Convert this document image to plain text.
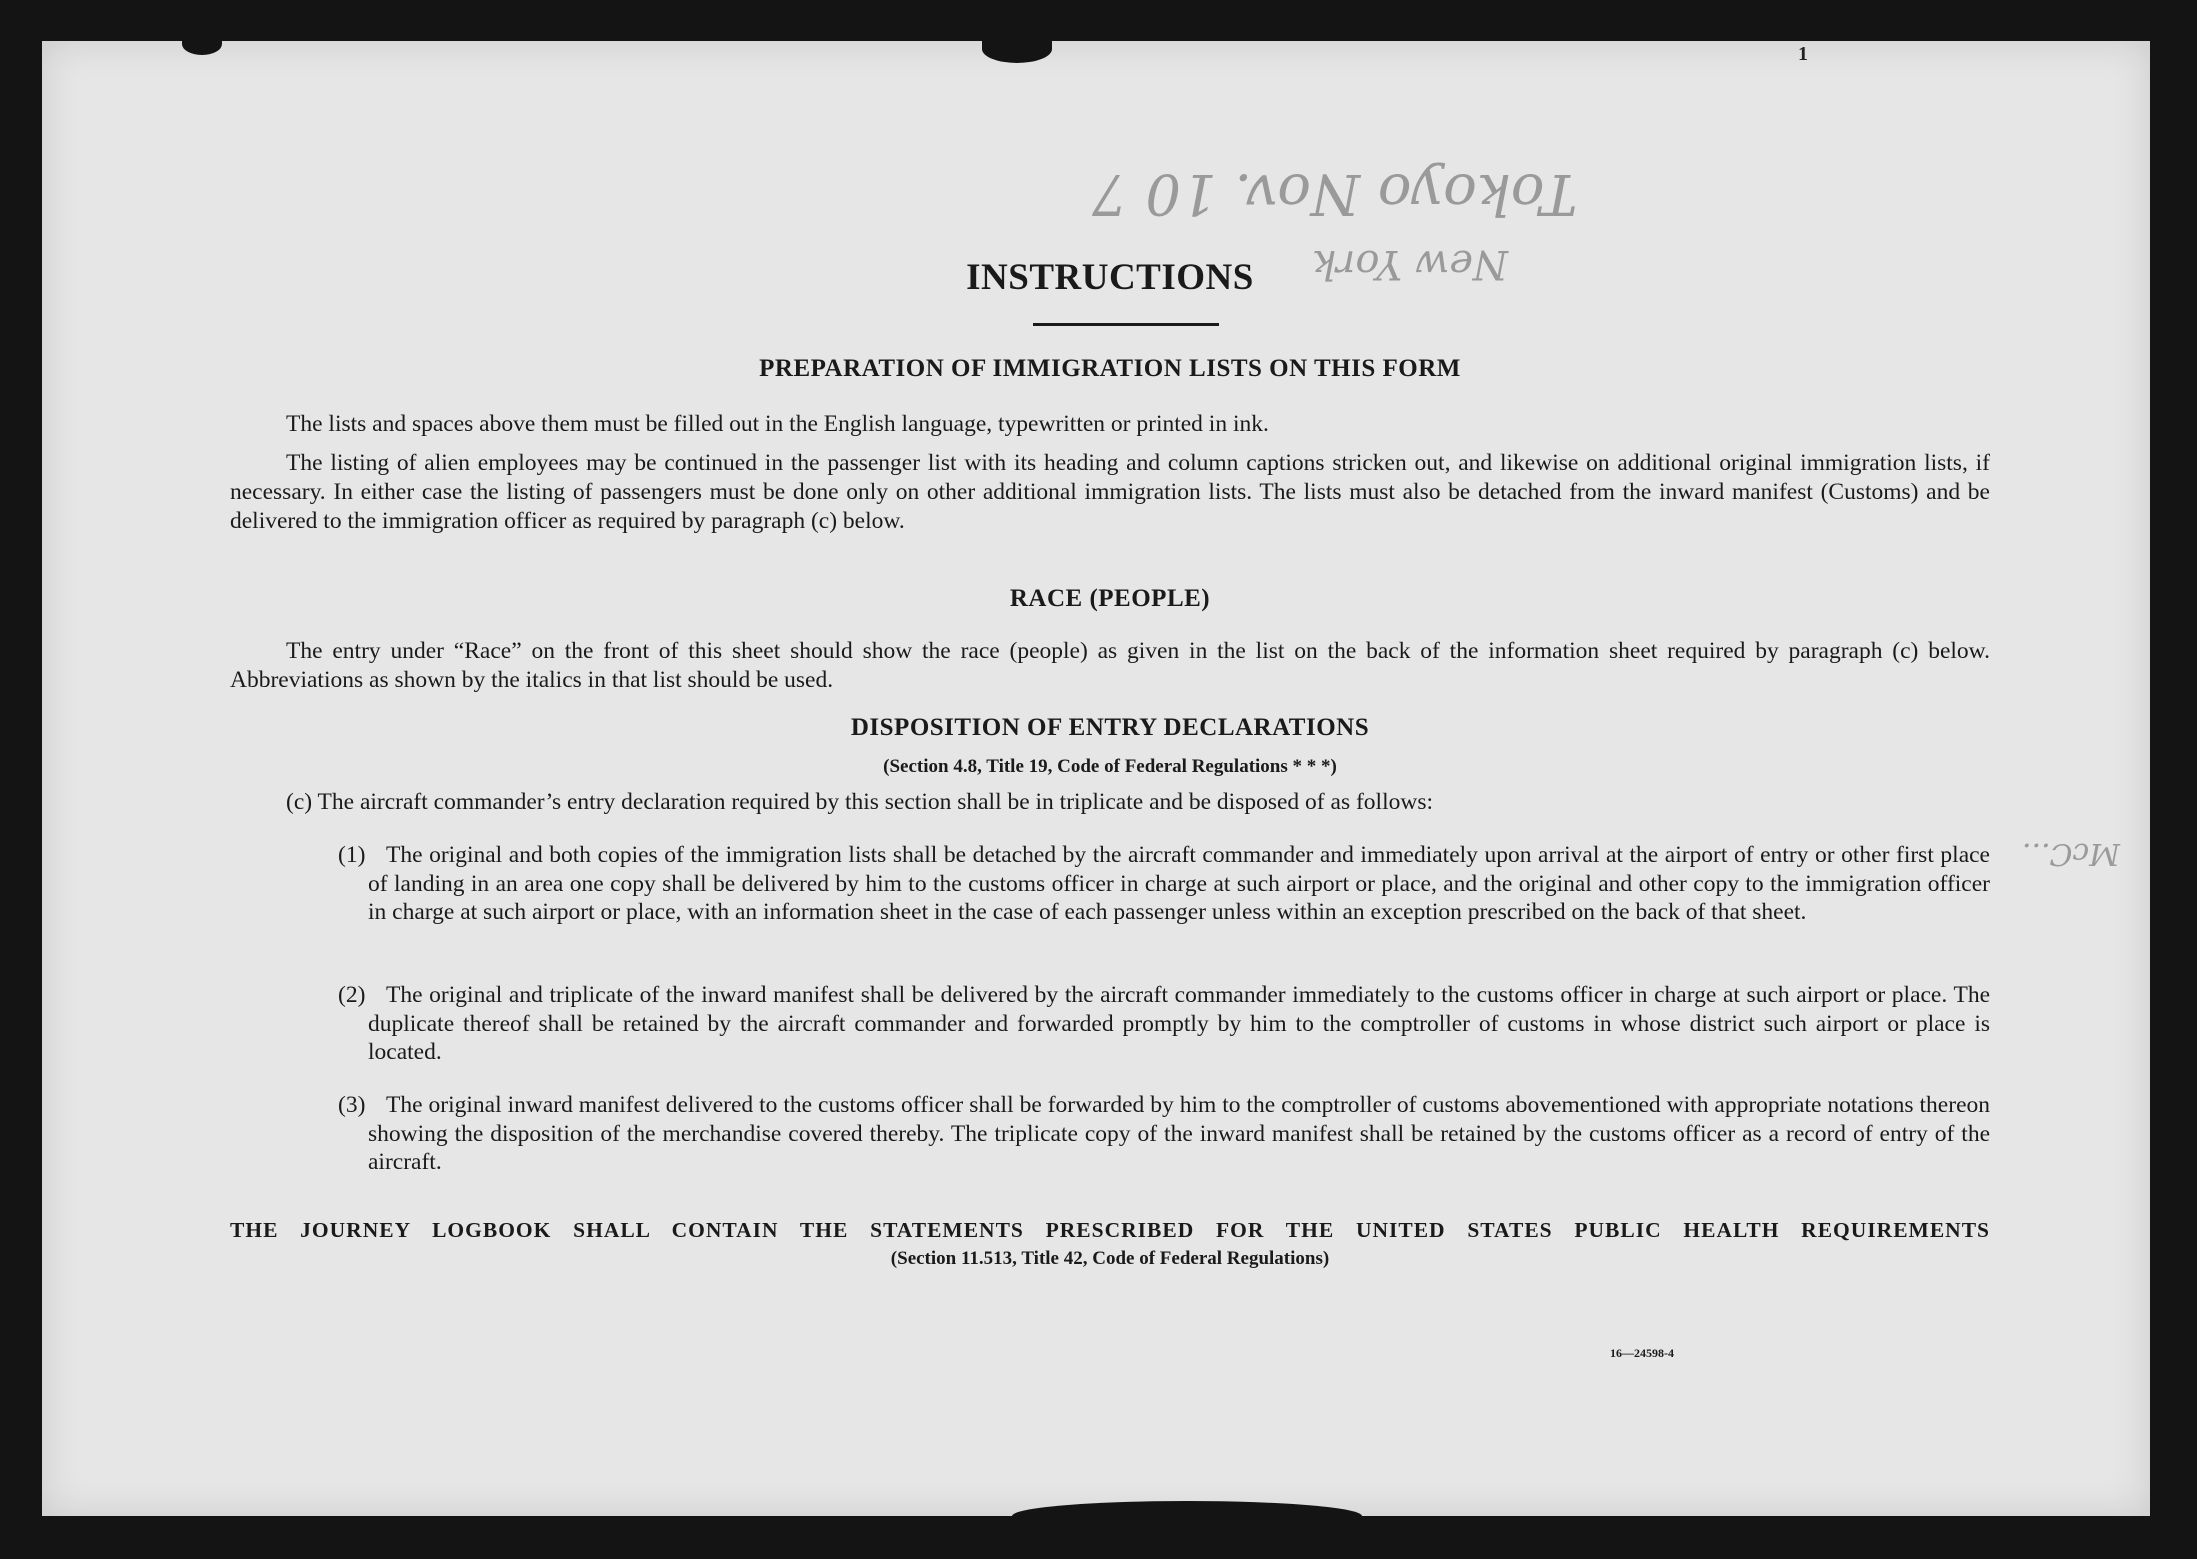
Tokoyo Nov. 10 7
New York
McC...
1
INSTRUCTIONS
PREPARATION OF IMMIGRATION LISTS ON THIS FORM
The lists and spaces above them must be filled out in the English language, typewritten or printed in ink.
The listing of alien employees may be continued in the passenger list with its heading and column captions stricken out, and likewise on additional original immigration lists, if necessary. In either case the listing of passengers must be done only on other additional immigration lists. The lists must also be detached from the inward manifest (Customs) and be delivered to the immigration officer as required by paragraph (c) below.
RACE (PEOPLE)
The entry under “Race” on the front of this sheet should show the race (people) as given in the list on the back of the information sheet required by paragraph (c) below. Abbreviations as shown by the italics in that list should be used.
DISPOSITION OF ENTRY DECLARATIONS
(Section 4.8, Title 19, Code of Federal Regulations * * *)
(c) The aircraft commander’s entry declaration required by this section shall be in triplicate and be disposed of as follows:
(1) The original and both copies of the immigration lists shall be detached by the aircraft commander and immediately upon arrival at the airport of entry or other first place of landing in an area one copy shall be delivered by him to the customs officer in charge at such airport or place, and the original and other copy to the immigration officer in charge at such airport or place, with an information sheet in the case of each passenger unless within an exception prescribed on the back of that sheet.
(2) The original and triplicate of the inward manifest shall be delivered by the aircraft commander immediately to the customs officer in charge at such airport or place. The duplicate thereof shall be retained by the aircraft commander and forwarded promptly by him to the comptroller of customs in whose district such airport or place is located.
(3) The original inward manifest delivered to the customs officer shall be forwarded by him to the comptroller of customs abovementioned with appropriate notations thereon showing the disposition of the merchandise covered thereby. The triplicate copy of the inward manifest shall be retained by the customs officer as a record of entry of the aircraft.
THE JOURNEY LOGBOOK SHALL CONTAIN THE STATEMENTS PRESCRIBED FOR THE UNITED STATES PUBLIC HEALTH REQUIREMENTS
(Section 11.513, Title 42, Code of Federal Regulations)
16—24598-4
